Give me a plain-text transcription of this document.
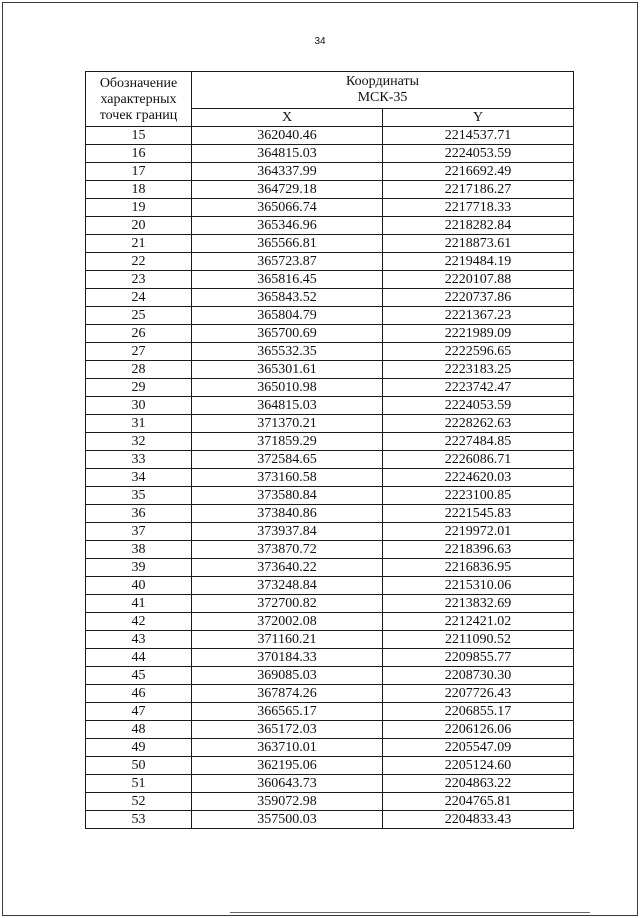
34
Обозначение характерных точек границ	Координаты
МСК-35	

	X	Y
15	362040.46	2214537.71
16	364815.03	2224053.59
17	364337.99	2216692.49
18	364729.18	2217186.27
19	365066.74	2217718.33
20	365346.96	2218282.84
21	365566.81	2218873.61
22	365723.87	2219484.19
23	365816.45	2220107.88
24	365843.52	2220737.86
25	365804.79	2221367.23
26	365700.69	2221989.09
27	365532.35	2222596.65
28	365301.61	2223183.25
29	365010.98	2223742.47
30	364815.03	2224053.59
31	371370.21	2228262.63
32	371859.29	2227484.85
33	372584.65	2226086.71
34	373160.58	2224620.03
35	373580.84	2223100.85
36	373840.86	2221545.83
37	373937.84	2219972.01
38	373870.72	2218396.63
39	373640.22	2216836.95
40	373248.84	2215310.06
41	372700.82	2213832.69
42	372002.08	2212421.02
43	371160.21	2211090.52
44	370184.33	2209855.77
45	369085.03	2208730.30
46	367874.26	2207726.43
47	366565.17	2206855.17
48	365172.03	2206126.06
49	363710.01	2205547.09
50	362195.06	2205124.60
51	360643.73	2204863.22
52	359072.98	2204765.81
53	357500.03	2204833.43
